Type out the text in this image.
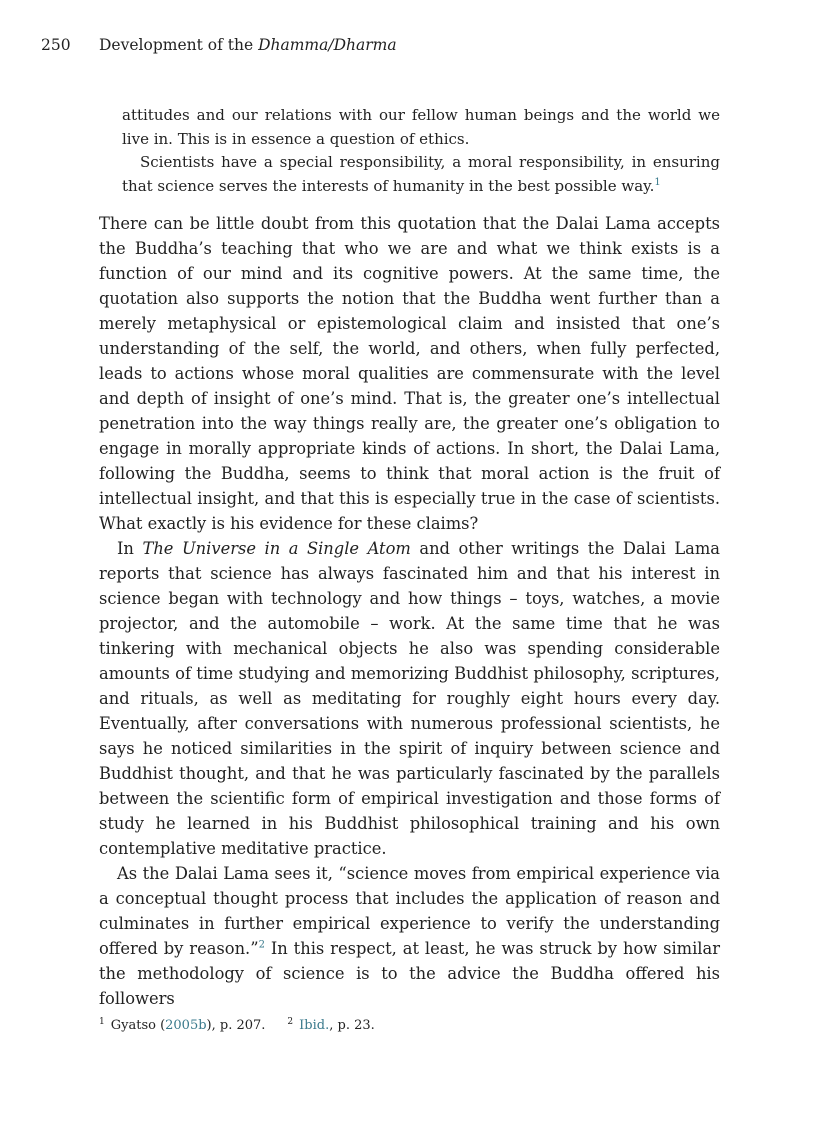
250 Development of the Dhamma/Dharma

attitudes and our relations with our fellow human beings and the world we live in. This is in essence a question of ethics.

Scientists have a special responsibility, a moral responsibility, in ensuring that science serves the interests of humanity in the best possible way.$^1$

There can be little doubt from this quotation that the Dalai Lama accepts the Buddha’s teaching that who we are and what we think exists is a function of our mind and its cognitive powers. At the same time, the quotation also supports the notion that the Buddha went further than a merely metaphysical or epistemological claim and insisted that one’s understanding of the self, the world, and others, when fully perfected, leads to actions whose moral qualities are commensurate with the level and depth of insight of one’s mind. That is, the greater one’s intellectual penetration into the way things really are, the greater one’s obligation to engage in morally appropriate kinds of actions. In short, the Dalai Lama, following the Buddha, seems to think that moral action is the fruit of intellectual insight, and that this is especially true in the case of scientists. What exactly is his evidence for these claims?

In The Universe in a Single Atom and other writings the Dalai Lama reports that science has always fascinated him and that his interest in science began with technology and how things – toys, watches, a movie projector, and the automobile – work. At the same time that he was tinkering with mechanical objects he also was spending considerable amounts of time studying and memorizing Buddhist philosophy, scriptures, and rituals, as well as meditating for roughly eight hours every day. Eventually, after conversations with numerous professional scientists, he says he noticed similarities in the spirit of inquiry between science and Buddhist thought, and that he was particularly fascinated by the parallels between the scientific form of empirical investigation and those forms of study he learned in his Buddhist philosophical training and his own contemplative meditative practice.

As the Dalai Lama sees it, “science moves from empirical experience via a conceptual thought process that includes the application of reason and culminates in further empirical experience to verify the understanding offered by reason.”$^2$ In this respect, at least, he was struck by how similar the methodology of science is to the advice the Buddha offered his followers

$^1$ Gyatso (2005b), p. 207. $^2$ Ibid., p. 23.
